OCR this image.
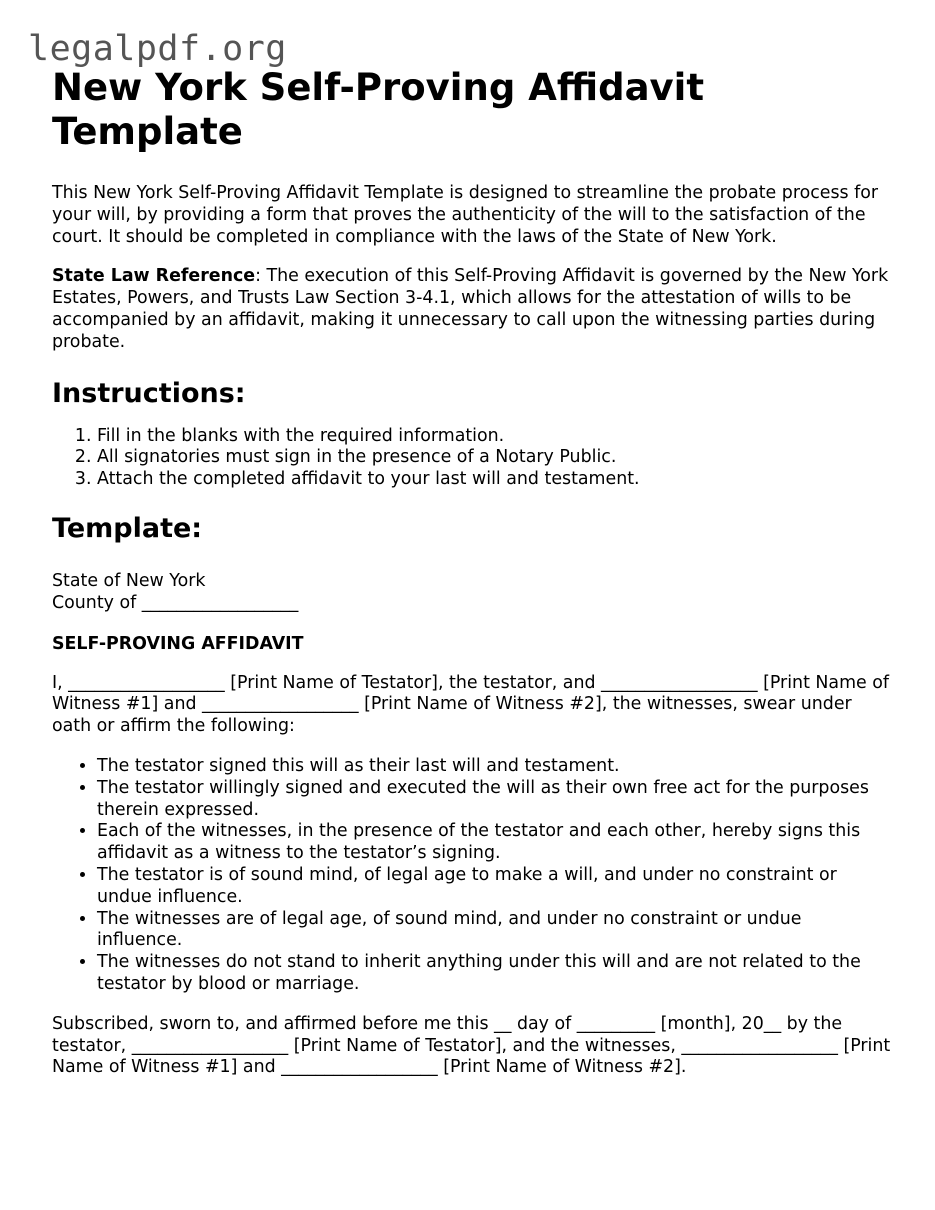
legalpdf.org
New York Self-Proving Affidavit Template

This New York Self-Proving Affidavit Template is designed to streamline the probate process for your will, by providing a form that proves the authenticity of the will to the satisfaction of the court. It should be completed in compliance with the laws of the State of New York.

State Law Reference: The execution of this Self-Proving Affidavit is governed by the New York Estates, Powers, and Trusts Law Section 3-4.1, which allows for the attestation of wills to be accompanied by an affidavit, making it unnecessary to call upon the witnessing parties during probate.

Instructions:
1. Fill in the blanks with the required information.
2. All signatories must sign in the presence of a Notary Public.
3. Attach the completed affidavit to your last will and testament.
Template:

State of New York

County of __________________

SELF-PROVING AFFIDAVIT

I, __________________ [Print Name of Testator], the testator, and __________________ [Print Name of Witness #1] and __________________ [Print Name of Witness #2], the witnesses, swear under oath or affirm the following:

• The testator signed this will as their last will and testament.
• The testator willingly signed and executed the will as their own free act for the purposes therein expressed.
• Each of the witnesses, in the presence of the testator and each other, hereby signs this affidavit as a witness to the testator’s signing.
• The testator is of sound mind, of legal age to make a will, and under no constraint or undue influence.
• The witnesses are of legal age, of sound mind, and under no constraint or undue influence.
• The witnesses do not stand to inherit anything under this will and are not related to the testator by blood or marriage.

Subscribed, sworn to, and affirmed before me this __ day of _________ [month], 20__ by the testator, __________________ [Print Name of Testator], and the witnesses, __________________ [Print Name of Witness #1] and __________________ [Print Name of Witness #2].
